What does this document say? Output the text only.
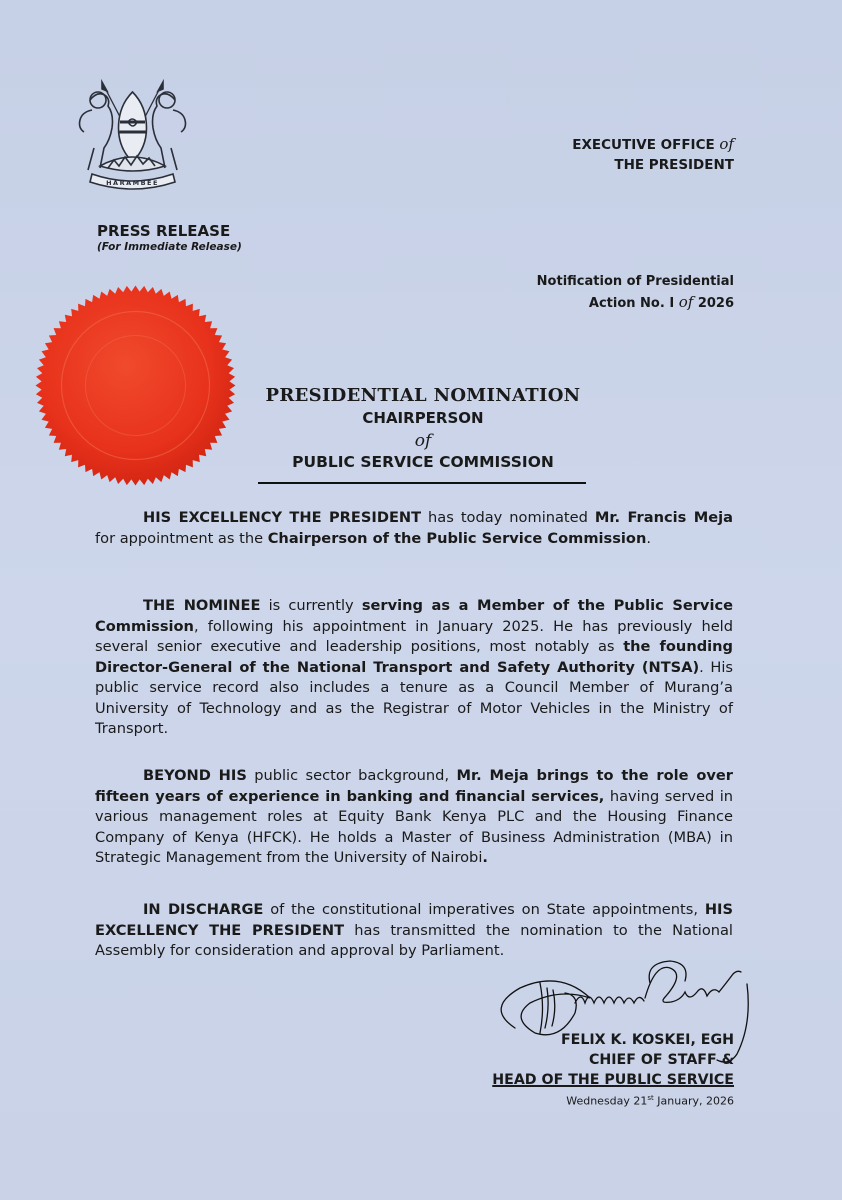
HARAMBEE
EXECUTIVE OFFICE of
THE PRESIDENT
PRESS RELEASE
(For Immediate Release)
Notification of Presidential
Action No. I of 2026
PRESIDENTIAL NOMINATION
CHAIRPERSON
of
PUBLIC SERVICE COMMISSION

HIS EXCELLENCY THE PRESIDENT has today nominated Mr. Francis Meja for appointment as the Chairperson of the Public Service Commission.

THE NOMINEE is currently serving as a Member of the Public Service Commission, following his appointment in January 2025. He has previously held several senior executive and leadership positions, most notably as the founding Director-General of the National Transport and Safety Authority (NTSA). His public service record also includes a tenure as a Council Member of Murang’a University of Technology and as the Registrar of Motor Vehicles in the Ministry of Transport.

BEYOND HIS public sector background, Mr. Meja brings to the role over fifteen years of experience in banking and financial services, having served in various management roles at Equity Bank Kenya PLC and the Housing Finance Company of Kenya (HFCK). He holds a Master of Business Administration (MBA) in Strategic Management from the University of Nairobi.

IN DISCHARGE of the constitutional imperatives on State appointments, HIS EXCELLENCY THE PRESIDENT has transmitted the nomination to the National Assembly for consideration and approval by Parliament.

FELIX K. KOSKEI, EGH
CHIEF OF STAFF &
HEAD OF THE PUBLIC SERVICE
Wednesday 21st January, 2026
